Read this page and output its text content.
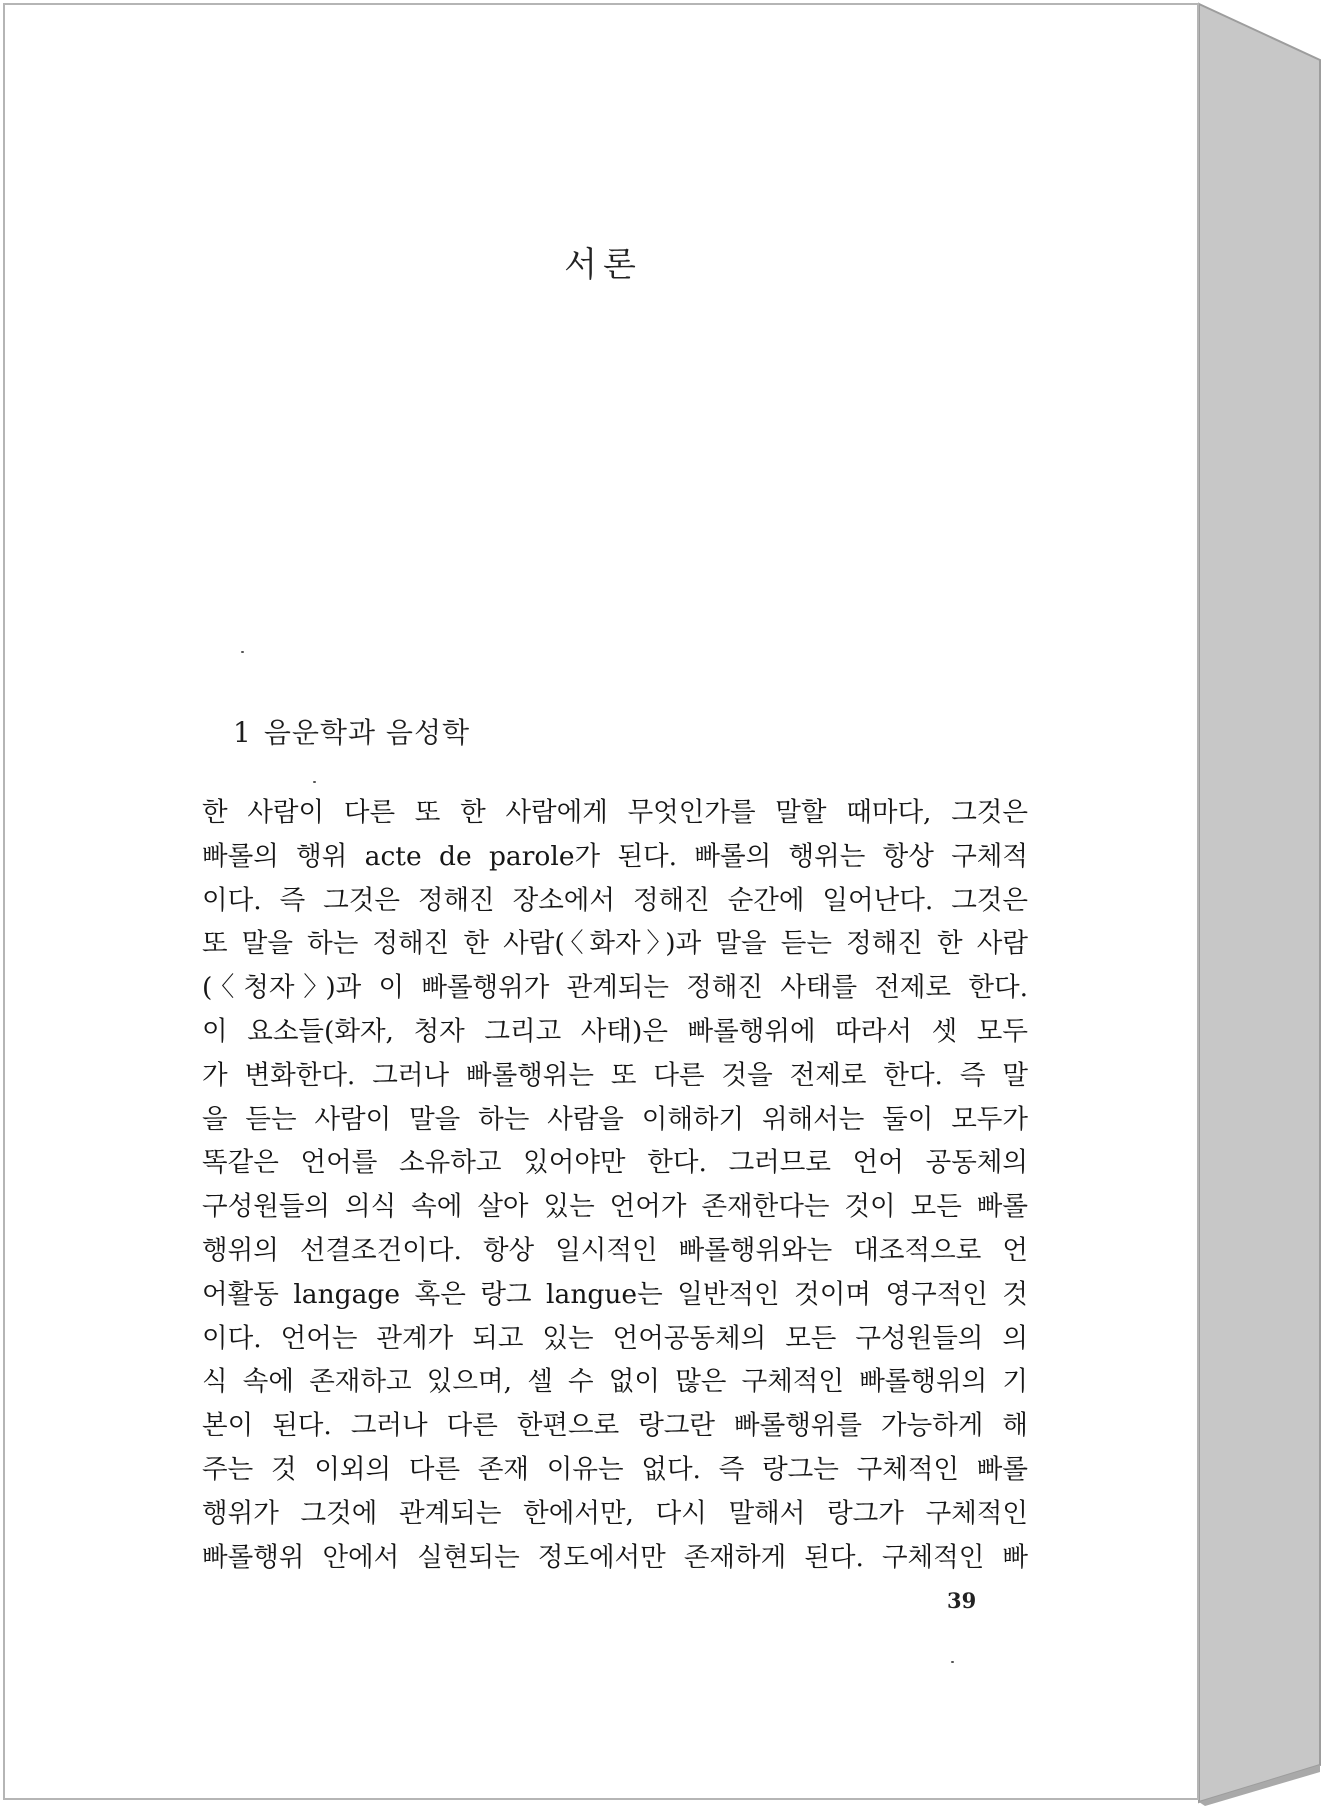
서론
1 음운학과 음성학
한 사람이 다른 또 한 사람에게 무엇인가를 말할 때마다, 그것은
빠롤의 행위 acte de parole가 된다. 빠롤의 행위는 항상 구체적
이다. 즉 그것은 정해진 장소에서 정해진 순간에 일어난다. 그것은
또 말을 하는 정해진 한 사람(〈화자〉)과 말을 듣는 정해진 한 사람
(〈청자〉)과 이 빠롤행위가 관계되는 정해진 사태를 전제로 한다.
이 요소들(화자, 청자 그리고 사태)은 빠롤행위에 따라서 셋 모두
가 변화한다. 그러나 빠롤행위는 또 다른 것을 전제로 한다. 즉 말
을 듣는 사람이 말을 하는 사람을 이해하기 위해서는 둘이 모두가
똑같은 언어를 소유하고 있어야만 한다. 그러므로 언어 공동체의
구성원들의 의식 속에 살아 있는 언어가 존재한다는 것이 모든 빠롤
행위의 선결조건이다. 항상 일시적인 빠롤행위와는 대조적으로 언
어활동 langage 혹은 랑그 langue는 일반적인 것이며 영구적인 것
이다. 언어는 관계가 되고 있는 언어공동체의 모든 구성원들의 의
식 속에 존재하고 있으며, 셀 수 없이 많은 구체적인 빠롤행위의 기
본이 된다. 그러나 다른 한편으로 랑그란 빠롤행위를 가능하게 해
주는 것 이외의 다른 존재 이유는 없다. 즉 랑그는 구체적인 빠롤
행위가 그것에 관계되는 한에서만, 다시 말해서 랑그가 구체적인
빠롤행위 안에서 실현되는 정도에서만 존재하게 된다. 구체적인 빠
39
